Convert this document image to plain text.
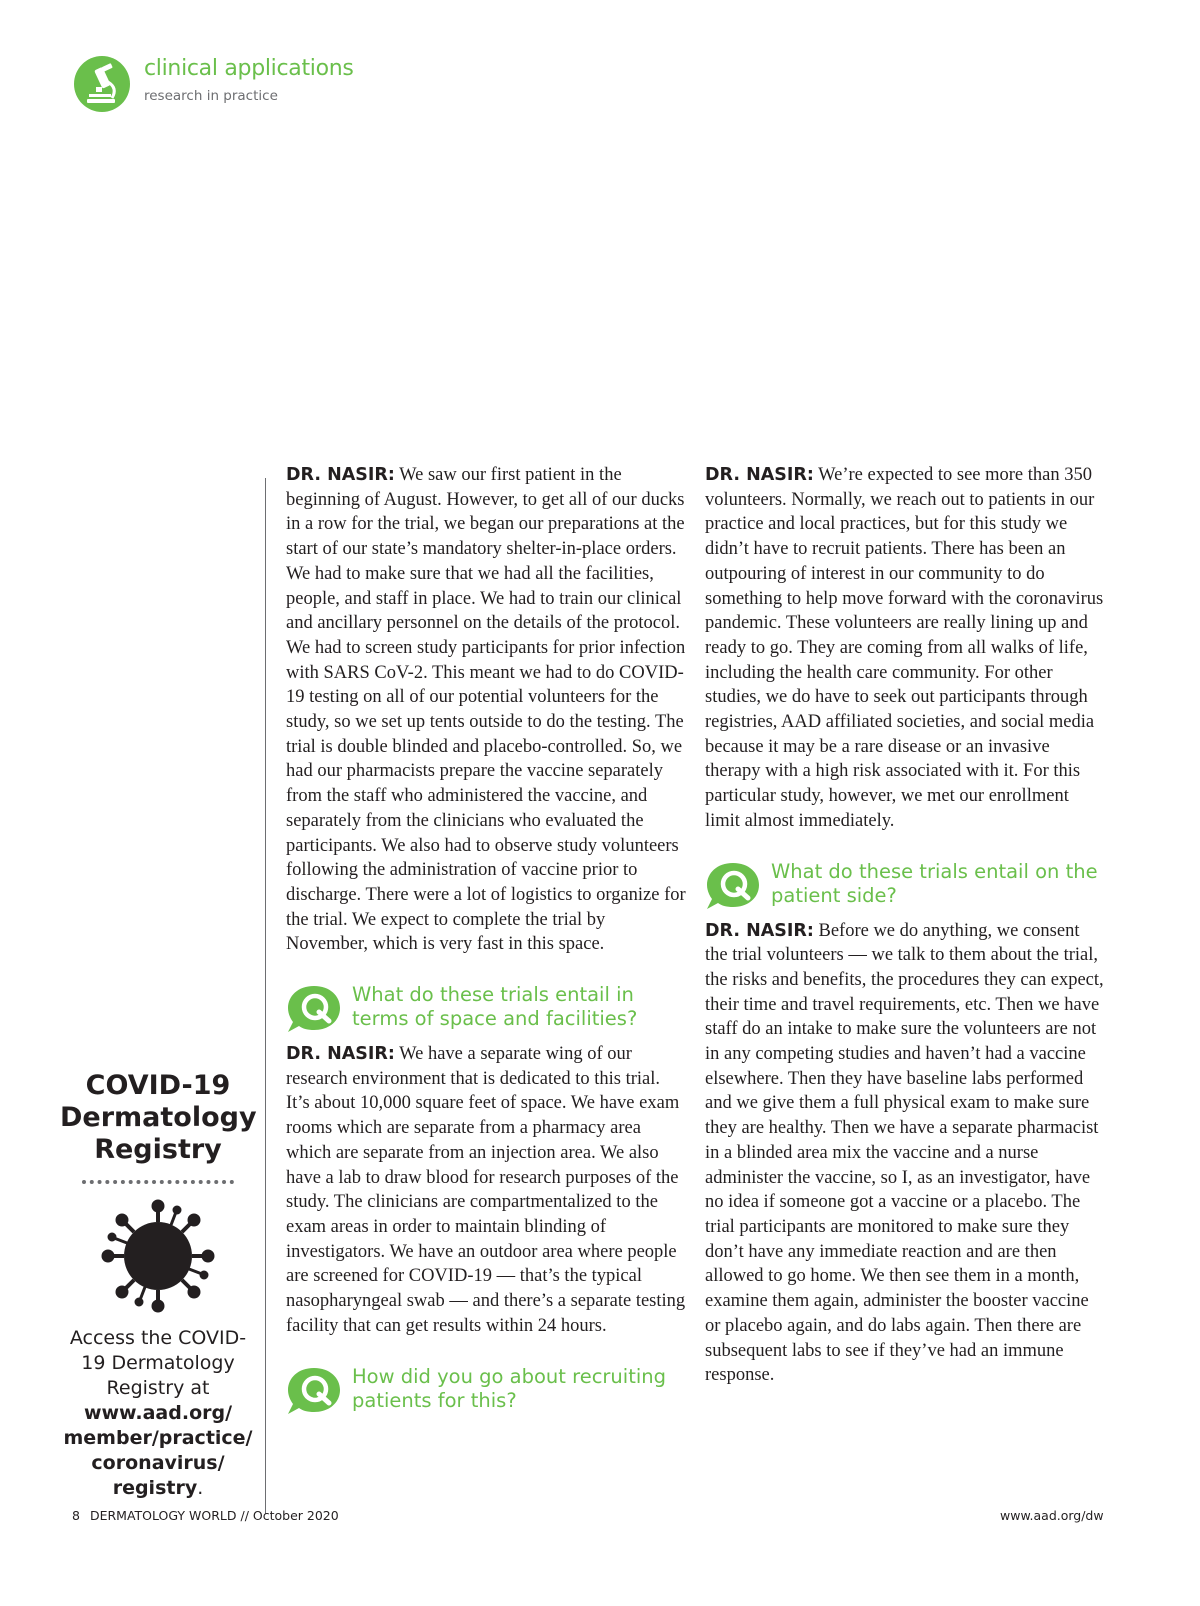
clinical applications
research in practice
COVID-19
Dermatology
Registry
Access the COVID-
19 Dermatology
Registry at
www.aad.org/
member/practice/
coronavirus/
registry.

DR. NASIR: We saw our first patient in the beginning of August. However, to get all of our ducks in a row for the trial, we began our preparations at the start of our state’s mandatory shelter-in-place orders. We had to make sure that we had all the facilities, people, and staff in place. We had to train our clinical and ancillary personnel on the details of the protocol. We had to screen study participants for prior infection with SARS CoV-2. This meant we had to do COVID-19 testing on all of our potential volunteers for the study, so we set up tents outside to do the testing. The trial is double blinded and placebo-controlled. So, we had our pharmacists prepare the vaccine separately from the staff who administered the vaccine, and separately from the clinicians who evaluated the participants. We also had to observe study volunteers following the administration of vaccine prior to discharge. There were a lot of logistics to organize for the trial. We expect to complete the trial by November, which is very fast in this space.

What do these trials entail in terms of space and facilities?

DR. NASIR: We have a separate wing of our research environment that is dedicated to this trial. It’s about 10,000 square feet of space. We have exam rooms which are separate from a pharmacy area which are separate from an injection area. We also have a lab to draw blood for research purposes of the study. The clinicians are compartmentalized to the exam areas in order to maintain blinding of investigators. We have an outdoor area where people are screened for COVID-19 — that’s the typical nasopharyngeal swab — and there’s a separate testing facility that can get results within 24 hours.

How did you go about recruiting patients for this?

DR. NASIR: We’re expected to see more than 350 volunteers. Normally, we reach out to patients in our practice and local practices, but for this study we didn’t have to recruit patients. There has been an outpouring of interest in our community to do something to help move forward with the coronavirus pandemic. These volunteers are really lining up and ready to go. They are coming from all walks of life, including the health care community. For other studies, we do have to seek out participants through registries, AAD affiliated societies, and social media because it may be a rare disease or an invasive therapy with a high risk associated with it. For this particular study, however, we met our enrollment limit almost immediately.

What do these trials entail on the patient side?

DR. NASIR: Before we do anything, we consent the trial volunteers — we talk to them about the trial, the risks and benefits, the procedures they can expect, their time and travel requirements, etc. Then we have staff do an intake to make sure the volunteers are not in any competing studies and haven’t had a vaccine elsewhere. Then they have baseline labs performed and we give them a full physical exam to make sure they are healthy. Then we have a separate pharmacist in a blinded area mix the vaccine and a nurse administer the vaccine, so I, as an investigator, have no idea if someone got a vaccine or a placebo. The trial participants are monitored to make sure they don’t have any immediate reaction and are then allowed to go home. We then see them in a month, examine them again, administer the booster vaccine or placebo again, and do labs again. Then there are subsequent labs to see if they’ve had an immune response.

8 DERMATOLOGY WORLD // October 2020	www.aad.org/dw
